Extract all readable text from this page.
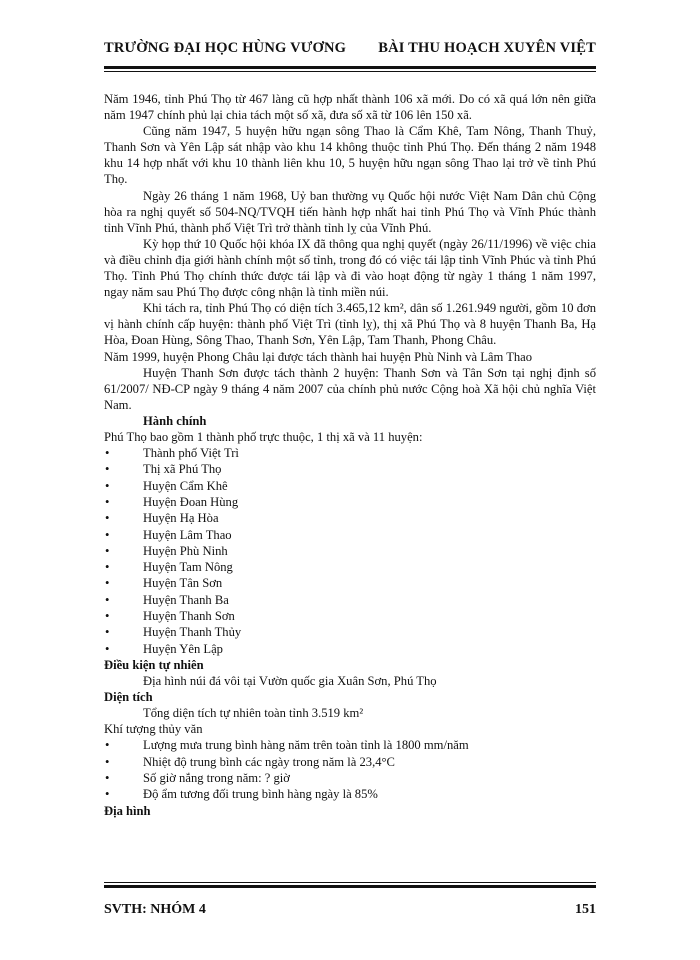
TRƯỜNG ĐẠI HỌC HÙNG VƯƠNG BÀI THU HOẠCH XUYÊN VIỆT

Năm 1946, tỉnh Phú Thọ từ 467 làng cũ hợp nhất thành 106 xã mới. Do có xã quá lớn nên giữa năm 1947 chính phủ lại chia tách một số xã, đưa số xã từ 106 lên 150 xã.

Cũng năm 1947, 5 huyện hữu ngạn sông Thao là Cẩm Khê, Tam Nông, Thanh Thuỷ, Thanh Sơn và Yên Lập sát nhập vào khu 14 không thuộc tỉnh Phú Thọ. Đến tháng 2 năm 1948 khu 14 hợp nhất với khu 10 thành liên khu 10, 5 huyện hữu ngạn sông Thao lại trở về tỉnh Phú Thọ.

Ngày 26 tháng 1 năm 1968, Uỷ ban thường vụ Quốc hội nước Việt Nam Dân chủ Cộng hòa ra nghị quyết số 504-NQ/TVQH tiến hành hợp nhất hai tỉnh Phú Thọ và Vĩnh Phúc thành tỉnh Vĩnh Phú, thành phố Việt Trì trở thành tỉnh lỵ của Vĩnh Phú.

Kỳ họp thứ 10 Quốc hội khóa IX đã thông qua nghị quyết (ngày 26/11/1996) về việc chia và điều chỉnh địa giới hành chính một số tỉnh, trong đó có việc tái lập tỉnh Vĩnh Phúc và tỉnh Phú Thọ. Tỉnh Phú Thọ chính thức được tái lập và đi vào hoạt động từ ngày 1 tháng 1 năm 1997, ngay năm sau Phú Thọ được công nhận là tỉnh miền núi.

Khi tách ra, tỉnh Phú Thọ có diện tích 3.465,12 km², dân số 1.261.949 người, gồm 10 đơn vị hành chính cấp huyện: thành phố Việt Trì (tỉnh lỵ), thị xã Phú Thọ và 8 huyện Thanh Ba, Hạ Hòa, Đoan Hùng, Sông Thao, Thanh Sơn, Yên Lập, Tam Thanh, Phong Châu.

Năm 1999, huyện Phong Châu lại được tách thành hai huyện Phù Ninh và Lâm Thao

Huyện Thanh Sơn được tách thành 2 huyện: Thanh Sơn và Tân Sơn tại nghị định số 61/2007/ NĐ-CP ngày 9 tháng 4 năm 2007 của chính phủ nước Cộng hoà Xã hội chủ nghĩa Việt Nam.

Hành chính

Phú Thọ bao gồm 1 thành phố trực thuộc, 1 thị xã và 11 huyện:

• Thành phố Việt Trì
• Thị xã Phú Thọ
• Huyện Cẩm Khê
• Huyện Đoan Hùng
• Huyện Hạ Hòa
• Huyện Lâm Thao
• Huyện Phù Ninh
• Huyện Tam Nông
• Huyện Tân Sơn
• Huyện Thanh Ba
• Huyện Thanh Sơn
• Huyện Thanh Thủy
• Huyện Yên Lập

Điều kiện tự nhiên

Địa hình núi đá vôi tại Vườn quốc gia Xuân Sơn, Phú Thọ

Diện tích

Tổng diện tích tự nhiên toàn tỉnh 3.519 km²

Khí tượng thủy văn

• Lượng mưa trung bình hàng năm trên toàn tỉnh là 1800 mm/năm
• Nhiệt độ trung bình các ngày trong năm là 23,4°C
• Số giờ nắng trong năm: ? giờ
• Độ ẩm tương đối trung bình hàng ngày là 85%

Địa hình

SVTH: NHÓM 4	151
